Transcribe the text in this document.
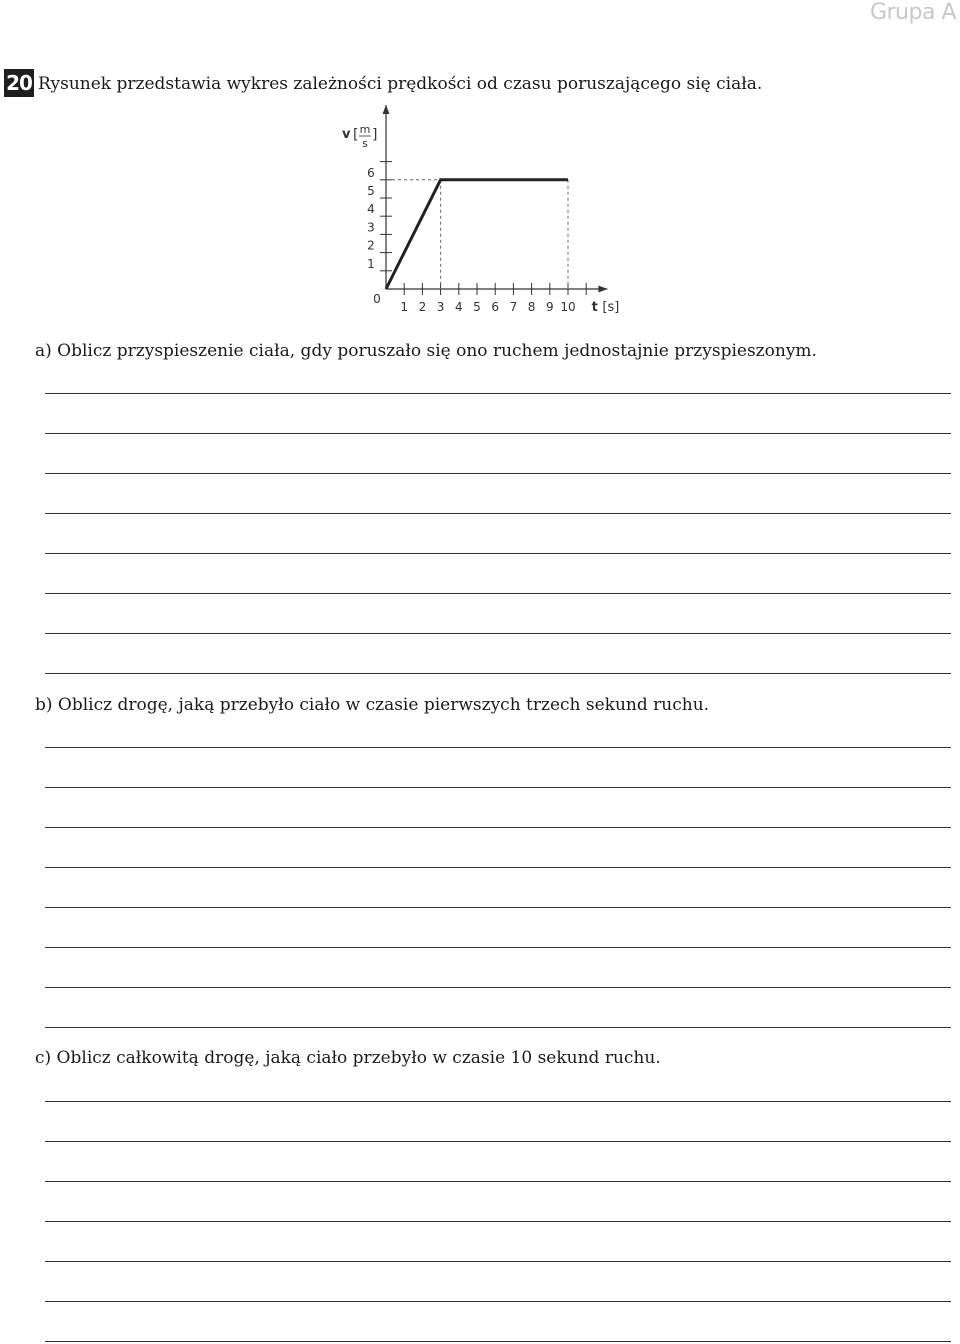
Grupa A
20 Rysunek przedstawia wykres zależności prędkości od czasu poruszającego się ciała.
1 2 3 4 5 6 7 8 9 10
1
2
3
4
5
6
0
t [s]
v [ m
s
]
a) Oblicz przyspieszenie ciała, gdy poruszało się ono ruchem jednostajnie przyspieszonym.
b) Oblicz drogę, jaką przebyło ciało w czasie pierwszych trzech sekund ruchu.
c) Oblicz całkowitą drogę, jaką ciało przebyło w czasie 10 sekund ruchu.
